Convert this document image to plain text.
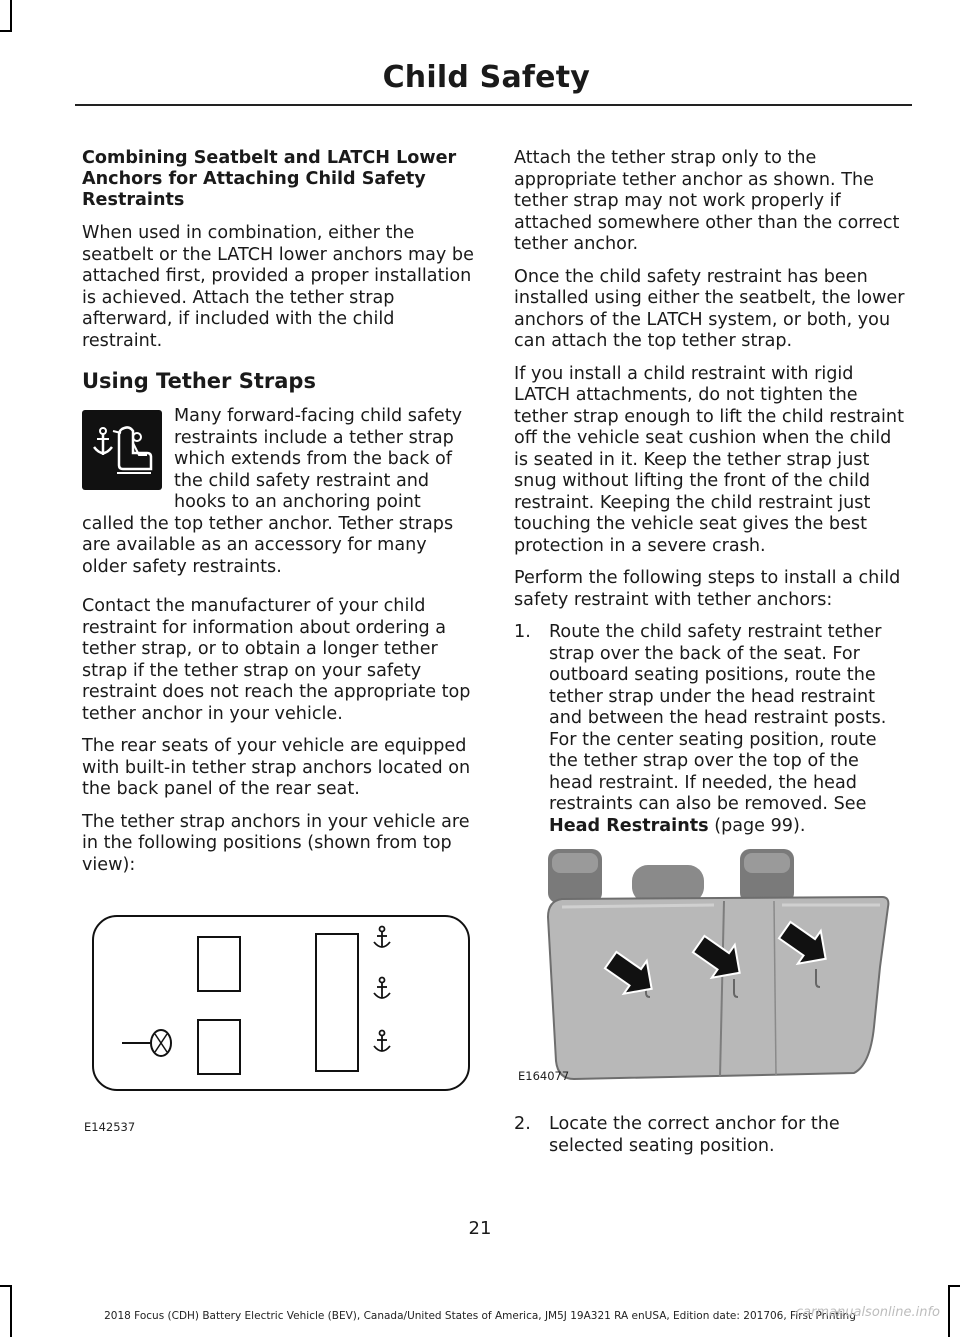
Child Safety
Combining Seatbelt and LATCH Lower Anchors for Attaching Child Safety Restraints

When used in combination, either the seatbelt or the LATCH lower anchors may be attached first, provided a proper installation is achieved. Attach the tether strap afterward, if included with the child restraint.

Using Tether Straps

Many forward-facing child safety restraints include a tether strap which extends from the back of the child safety restraint and hooks to an anchoring point called the top tether anchor. Tether straps are available as an accessory for many older safety restraints.

Contact the manufacturer of your child restraint for information about ordering a tether strap, or to obtain a longer tether strap if the tether strap on your safety restraint does not reach the appropriate top tether anchor in your vehicle.

The rear seats of your vehicle are equipped with built-in tether strap anchors located on the back panel of the rear seat.

The tether strap anchors in your vehicle are in the following positions (shown from top view):

E142537

Attach the tether strap only to the appropriate tether anchor as shown. The tether strap may not work properly if attached somewhere other than the correct tether anchor.

Once the child safety restraint has been installed using either the seatbelt, the lower anchors of the LATCH system, or both, you can attach the top tether strap.

If you install a child restraint with rigid LATCH attachments, do not tighten the tether strap enough to lift the child restraint off the vehicle seat cushion when the child is seated in it. Keep the tether strap just snug without lifting the front of the child restraint. Keeping the child restraint just touching the vehicle seat gives the best protection in a severe crash.

Perform the following steps to install a child safety restraint with tether anchors:

1. Route the child safety restraint tether strap over the back of the seat. For outboard seating positions, route the tether strap under the head restraint and between the head restraint posts. For the center seating position, route the tether strap over the top of the head restraint. If needed, the head restraints can also be removed. See Head Restraints (page 99).
E164077
2. Locate the correct anchor for the selected seating position.
21
2018 Focus (CDH) Battery Electric Vehicle (BEV), Canada/United States of America, JM5J 19A321 RA enUSA, Edition date: 201706, First Printing
carmanualsonline.info
